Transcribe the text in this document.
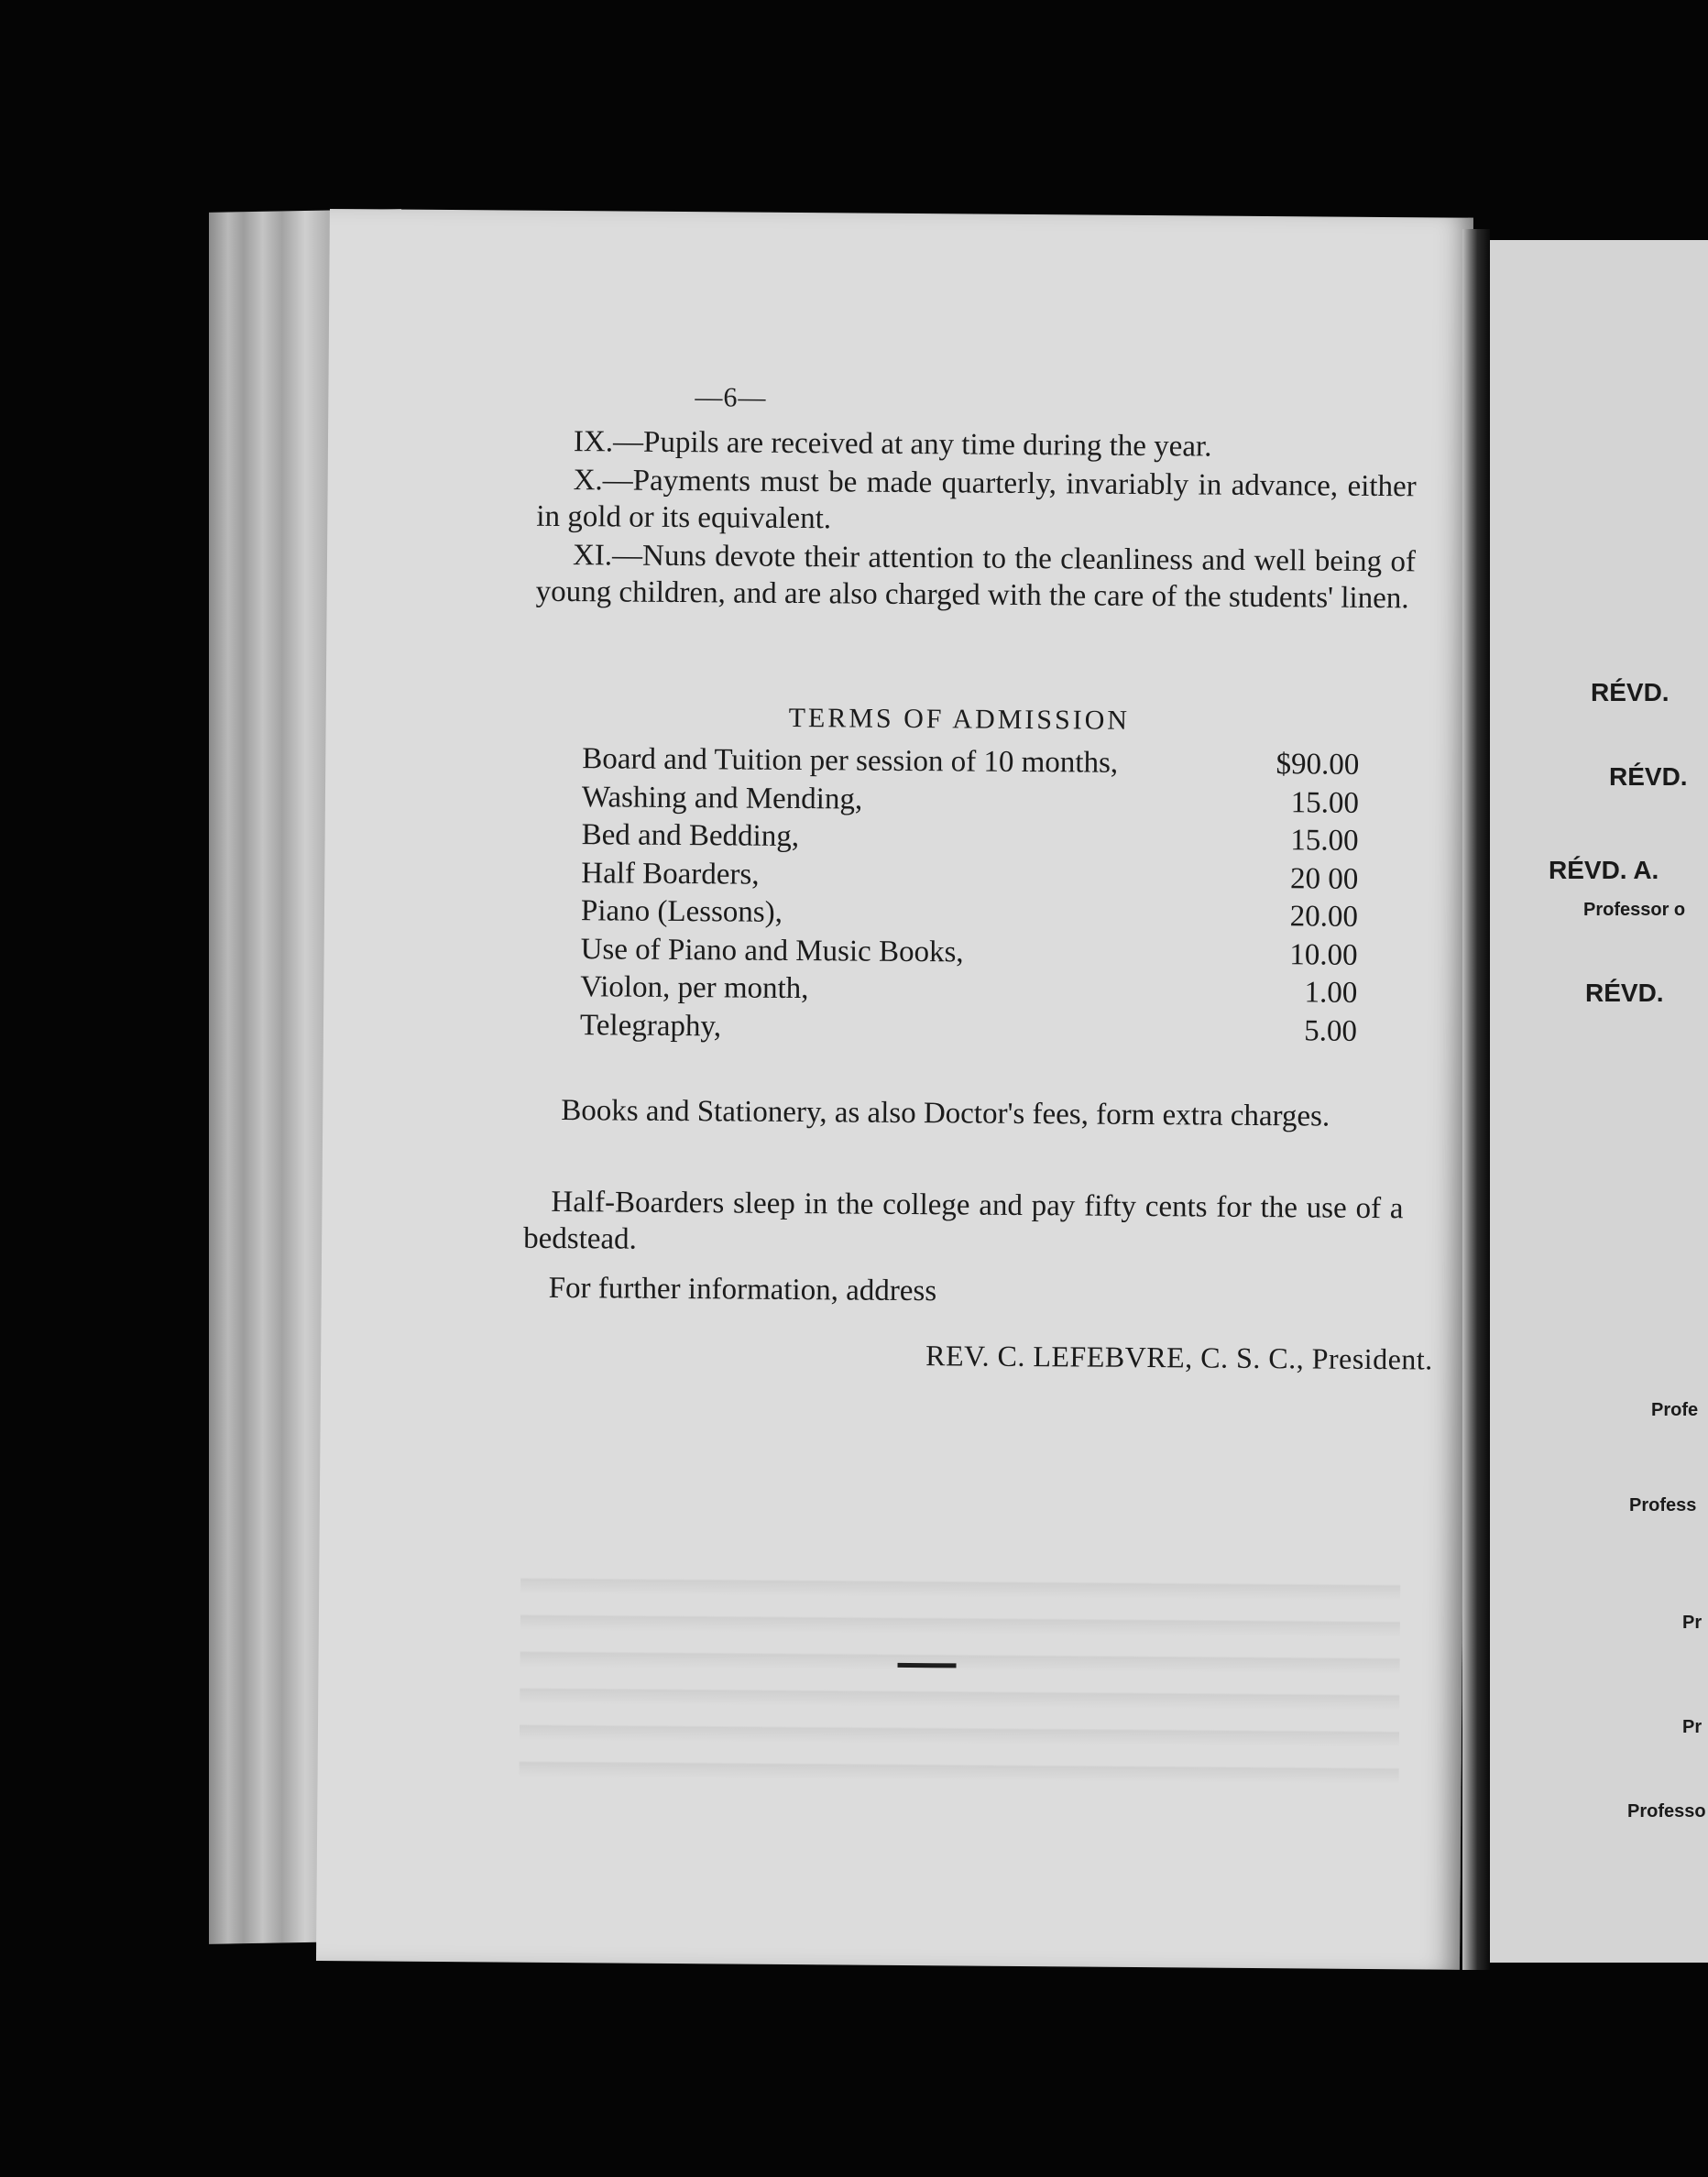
—6—
IX.—Pupils are received at any time during the year.
X.—Payments must be made quarterly, invariably in advance, either in gold or its equivalent.
XI.—Nuns devote their attention to the cleanliness and well being of young children, and are also charged with the care of the students' linen.
TERMS OF ADMISSION
Board and Tuition per session of 10 months,	$90.00
Washing and Mending,	15.00
Bed and Bedding,	15.00
Half Boarders,	20 00
Piano (Lessons),	20.00
Use of Piano and Music Books,	10.00
Violon, per month,	1.00
Telegraphy,	5.00
Books and Stationery, as also Doctor's fees, form extra charges.
Half-Boarders sleep in the college and pay fifty cents for the use of a bedstead.
For further information, address
REV. C. LEFEBVRE, C. S. C., President.
RÉVD.
RÉVD.
RÉVD. A.
Professor o
RÉVD.
Profe
Profess
Pr
Pr
Professo
